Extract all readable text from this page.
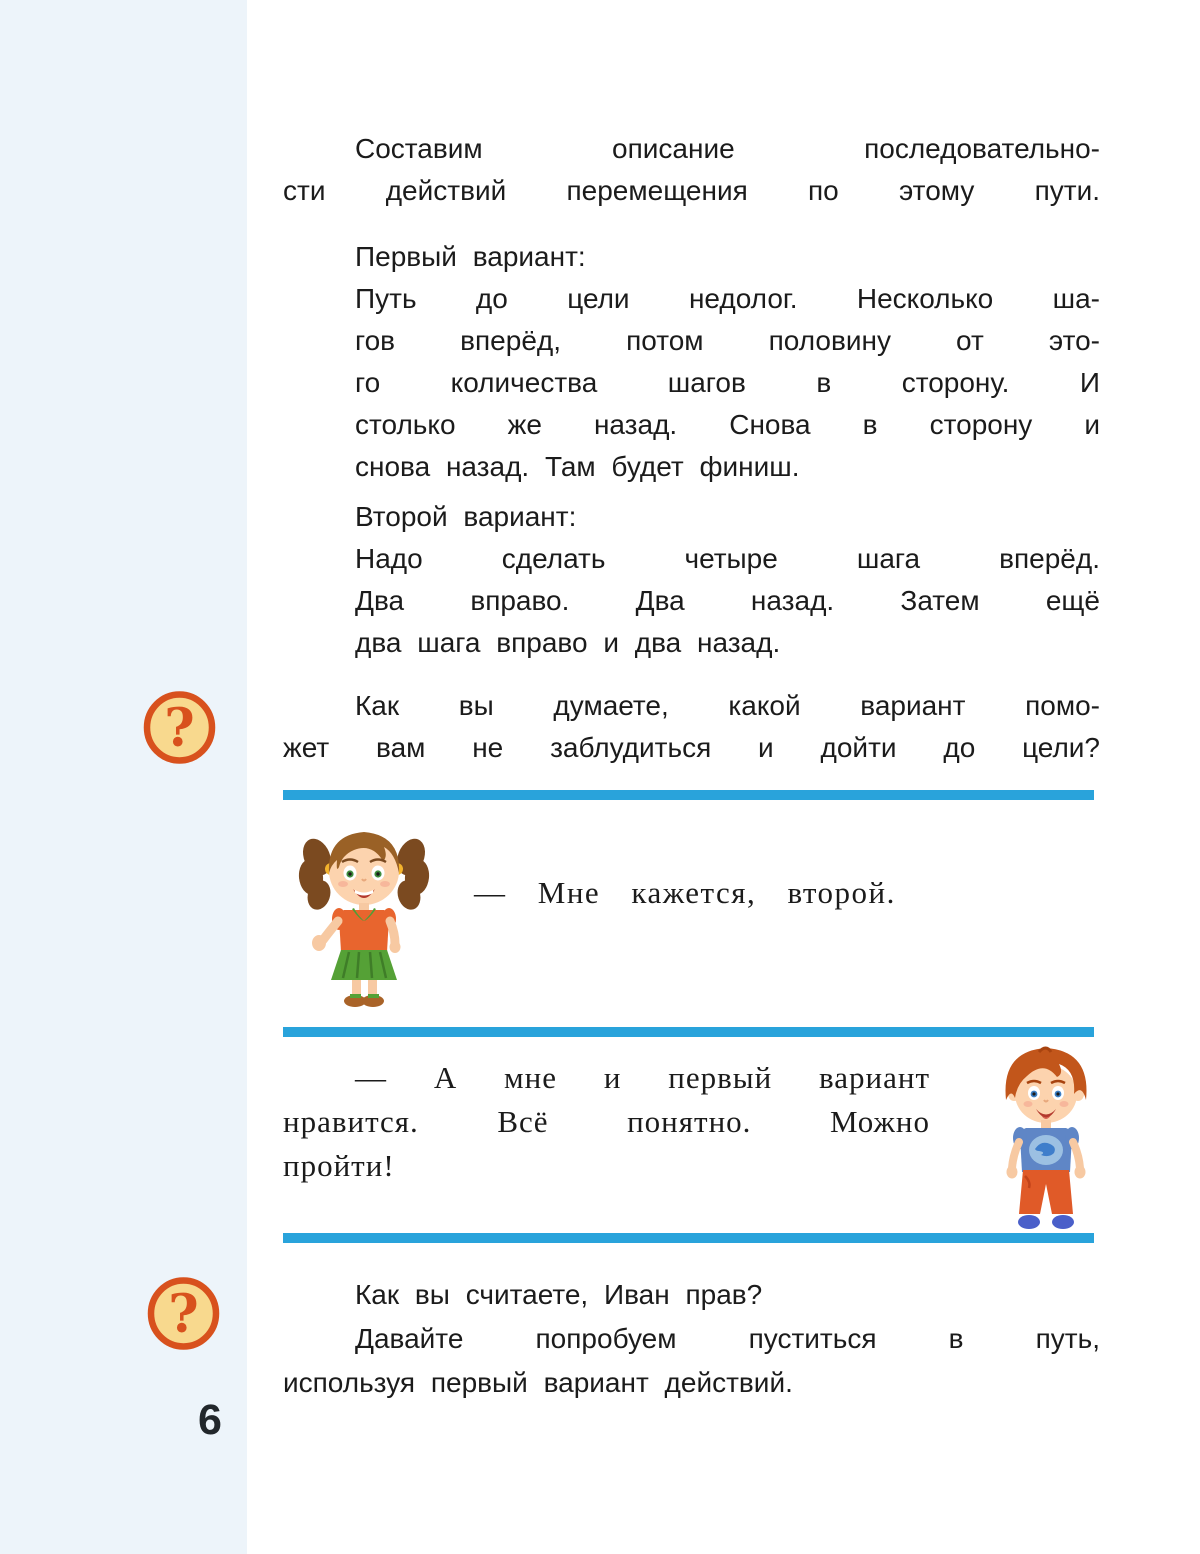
Составим описание последовательно-
сти действий перемещения по этому пути.
Первый вариант:
Путь до цели недолог. Несколько ша-
гов вперёд, потом половину от это-
го количества шагов в сторону. И
столько же назад. Снова в сторону и
снова назад. Там будет финиш.
Второй вариант:
Надо сделать четыре шага вперёд.
Два вправо. Два назад. Затем ещё
два шага вправо и два назад.
?	Как вы думаете, какой вариант помо-
жет вам не заблудиться и дойти до цели?
— Мне кажется, второй.
— А мне и первый вариант
нравится. Всё понятно. Можно
пройти!
?	Как вы считаете, Иван прав?
Давайте попробуем пуститься в путь,
используя первый вариант действий.
6
